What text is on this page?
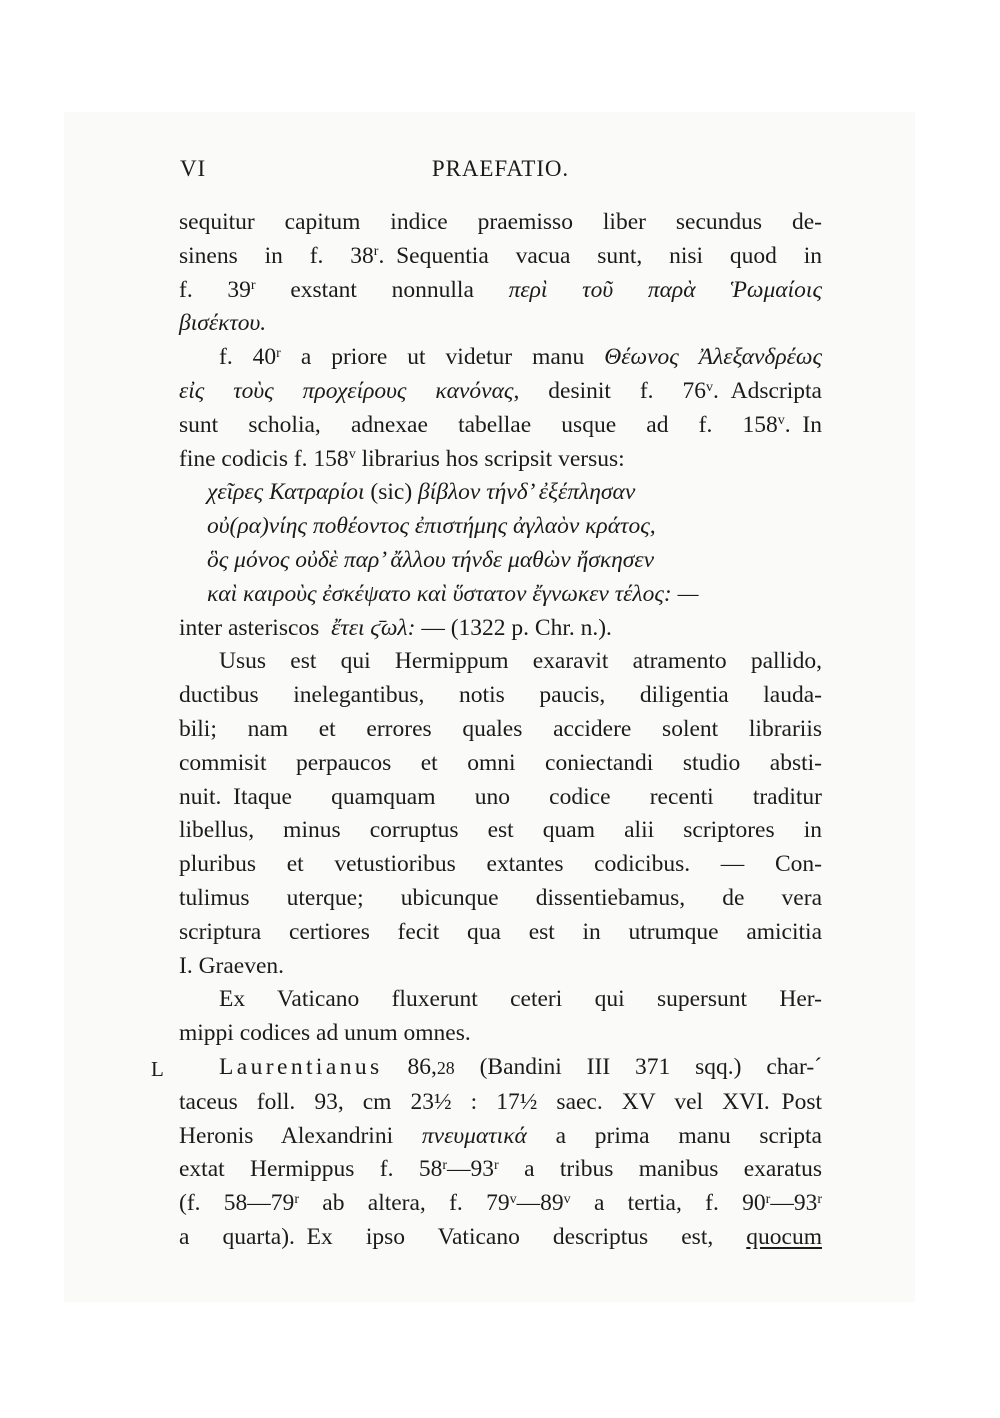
VI	PRAEFATIO.
sequitur capitum indice praemisso liber secundus de-
sinens in f. 38$^r$. Sequentia vacua sunt, nisi quod in
f. 39$^r$ exstant nonnulla περὶ τοῦ παρὰ Ῥωμαίοις
βισέκτου.
f. 40$^r$ a priore ut videtur manu Θέωνος Ἀλεξανδρέως
εἰς τοὺς προχείρους κανόνας, desinit f. 76$^v$. Adscripta
sunt scholia, adnexae tabellae usque ad f. 158$^v$. In
fine codicis f. 158$^v$ librarius hos scripsit versus:
χεῖρες Κατραρίοι (sic) βίβλον τήνδ’ ἐξέπλησαν
οὐ(ρα)νίης ποθέοντος ἐπιστήμης ἀγλαὸν κράτος,
ὃς μόνος οὐδὲ παρ’ ἄλλου τήνδε μαθὼν ἤσκησεν
καὶ καιροὺς ἐσκέψατο καὶ ὕστατον ἔγνωκεν τέλος: —
inter asteriscos ἔτει ϛ̄ωλ: — (1322 p. Chr. n.).
Usus est qui Hermippum exaravit atramento pallido,
ductibus inelegantibus, notis paucis, diligentia lauda-
bili; nam et errores quales accidere solent librariis
commisit perpaucos et omni coniectandi studio absti-
nuit. Itaque quamquam uno codice recenti traditur
libellus, minus corruptus est quam alii scriptores in
pluribus et vetustioribus extantes codicibus. — Con-
tulimus uterque; ubicunque dissentiebamus, de vera
scriptura certiores fecit qua est in utrumque amicitia
I. Graeven.
Ex Vaticano fluxerunt ceteri qui supersunt Her-
mippi codices ad unum omnes.
L Laurentianus 86,28 (Bandini III 371 sqq.) char-´
taceus foll. 93, cm 23½ : 17½ saec. XV vel XVI. Post
Heronis Alexandrini πνευματικά a prima manu scripta
extat Hermippus f. 58$^r$—93$^r$ a tribus manibus exaratus
(f. 58—79$^r$ ab altera, f. 79$^v$—89$^v$ a tertia, f. 90$^r$—93$^r$
a quarta). Ex ipso Vaticano descriptus est, quocum
